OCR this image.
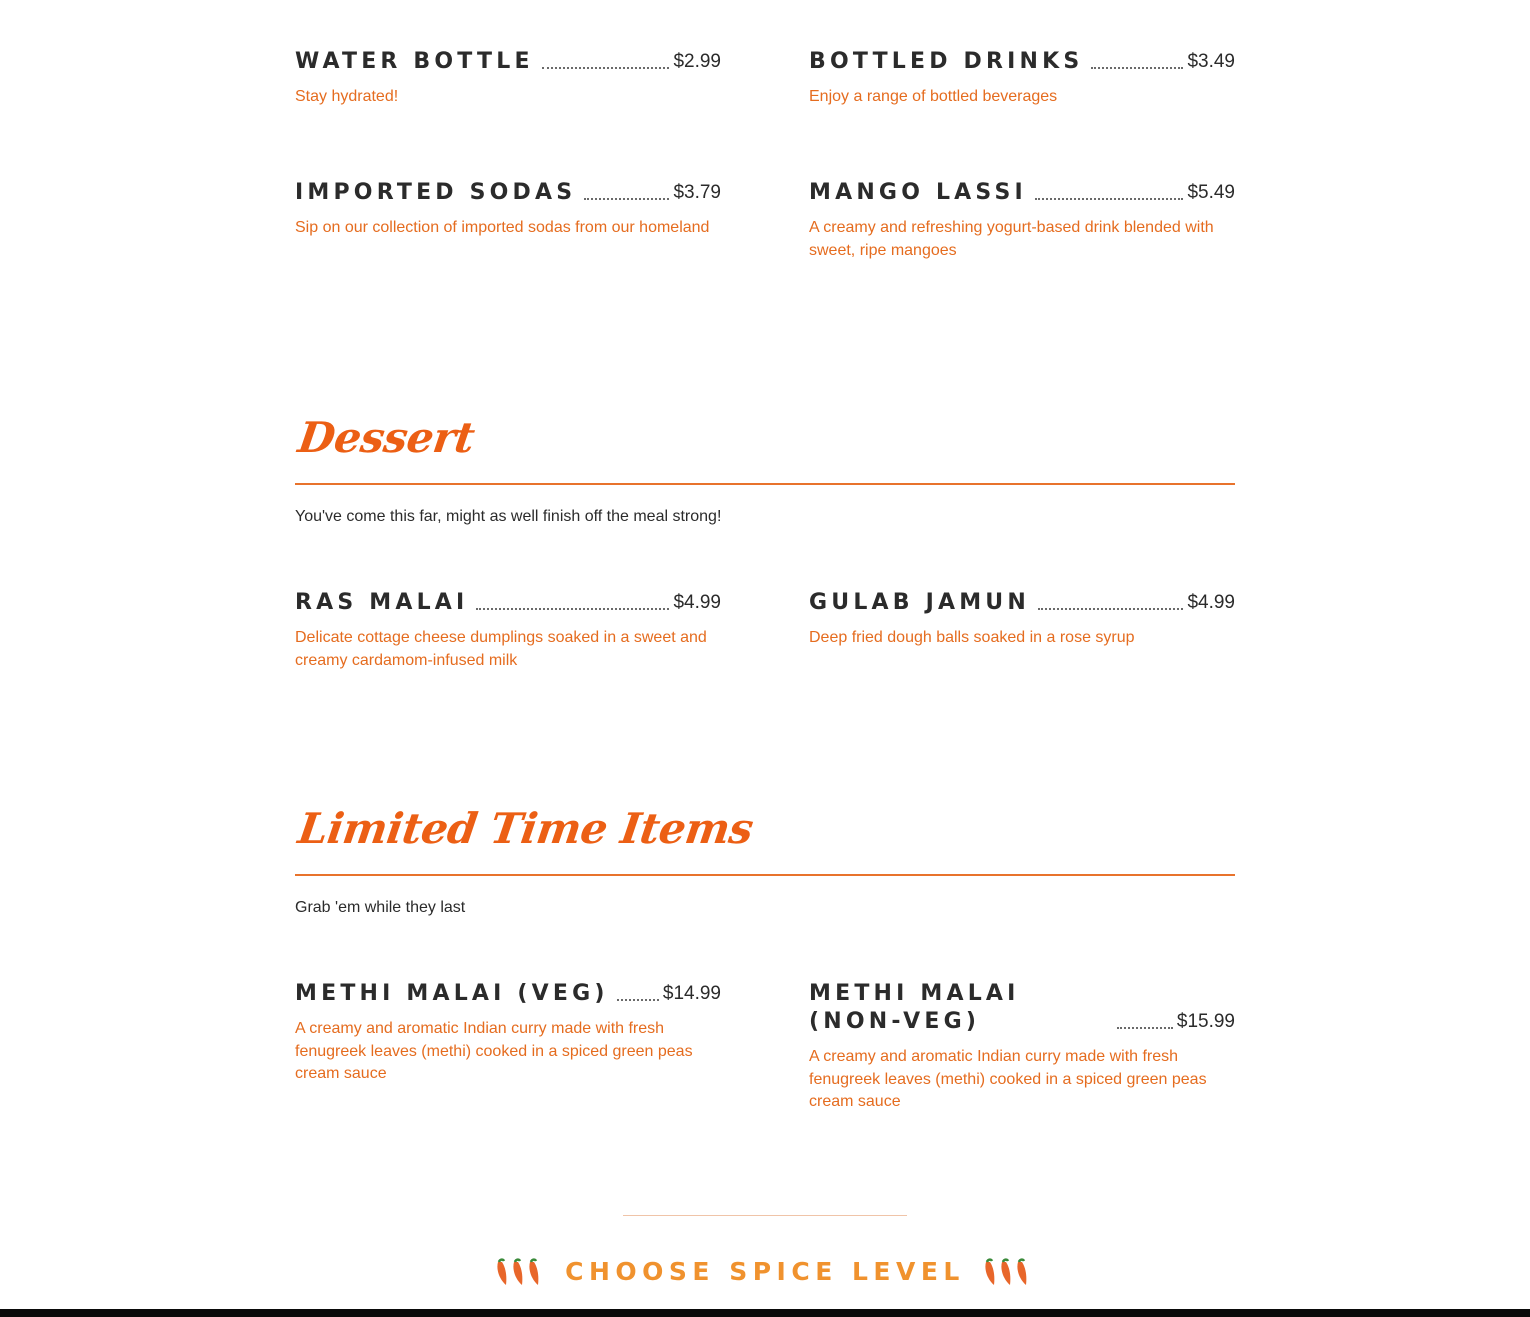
WATER BOTTLE	$2.99
Stay hydrated!
BOTTLED DRINKS	$3.49
Enjoy a range of bottled beverages
IMPORTED SODAS	$3.79
Sip on our collection of imported sodas from our homeland
MANGO LASSI	$5.49
A creamy and refreshing yogurt-based drink blended with sweet, ripe mangoes
Dessert
You've come this far, might as well finish off the meal strong!
RAS MALAI	$4.99
Delicate cottage cheese dumplings soaked in a sweet and creamy cardamom-infused milk
GULAB JAMUN	$4.99
Deep fried dough balls soaked in a rose syrup
Limited Time Items
Grab 'em while they last
METHI MALAI (VEG)	$14.99
A creamy and aromatic Indian curry made with fresh fenugreek leaves (methi) cooked in a spiced green peas cream sauce
METHI MALAI (NON-VEG)	$15.99
A creamy and aromatic Indian curry made with fresh fenugreek leaves (methi) cooked in a spiced green peas cream sauce
CHOOSE SPICE LEVEL
